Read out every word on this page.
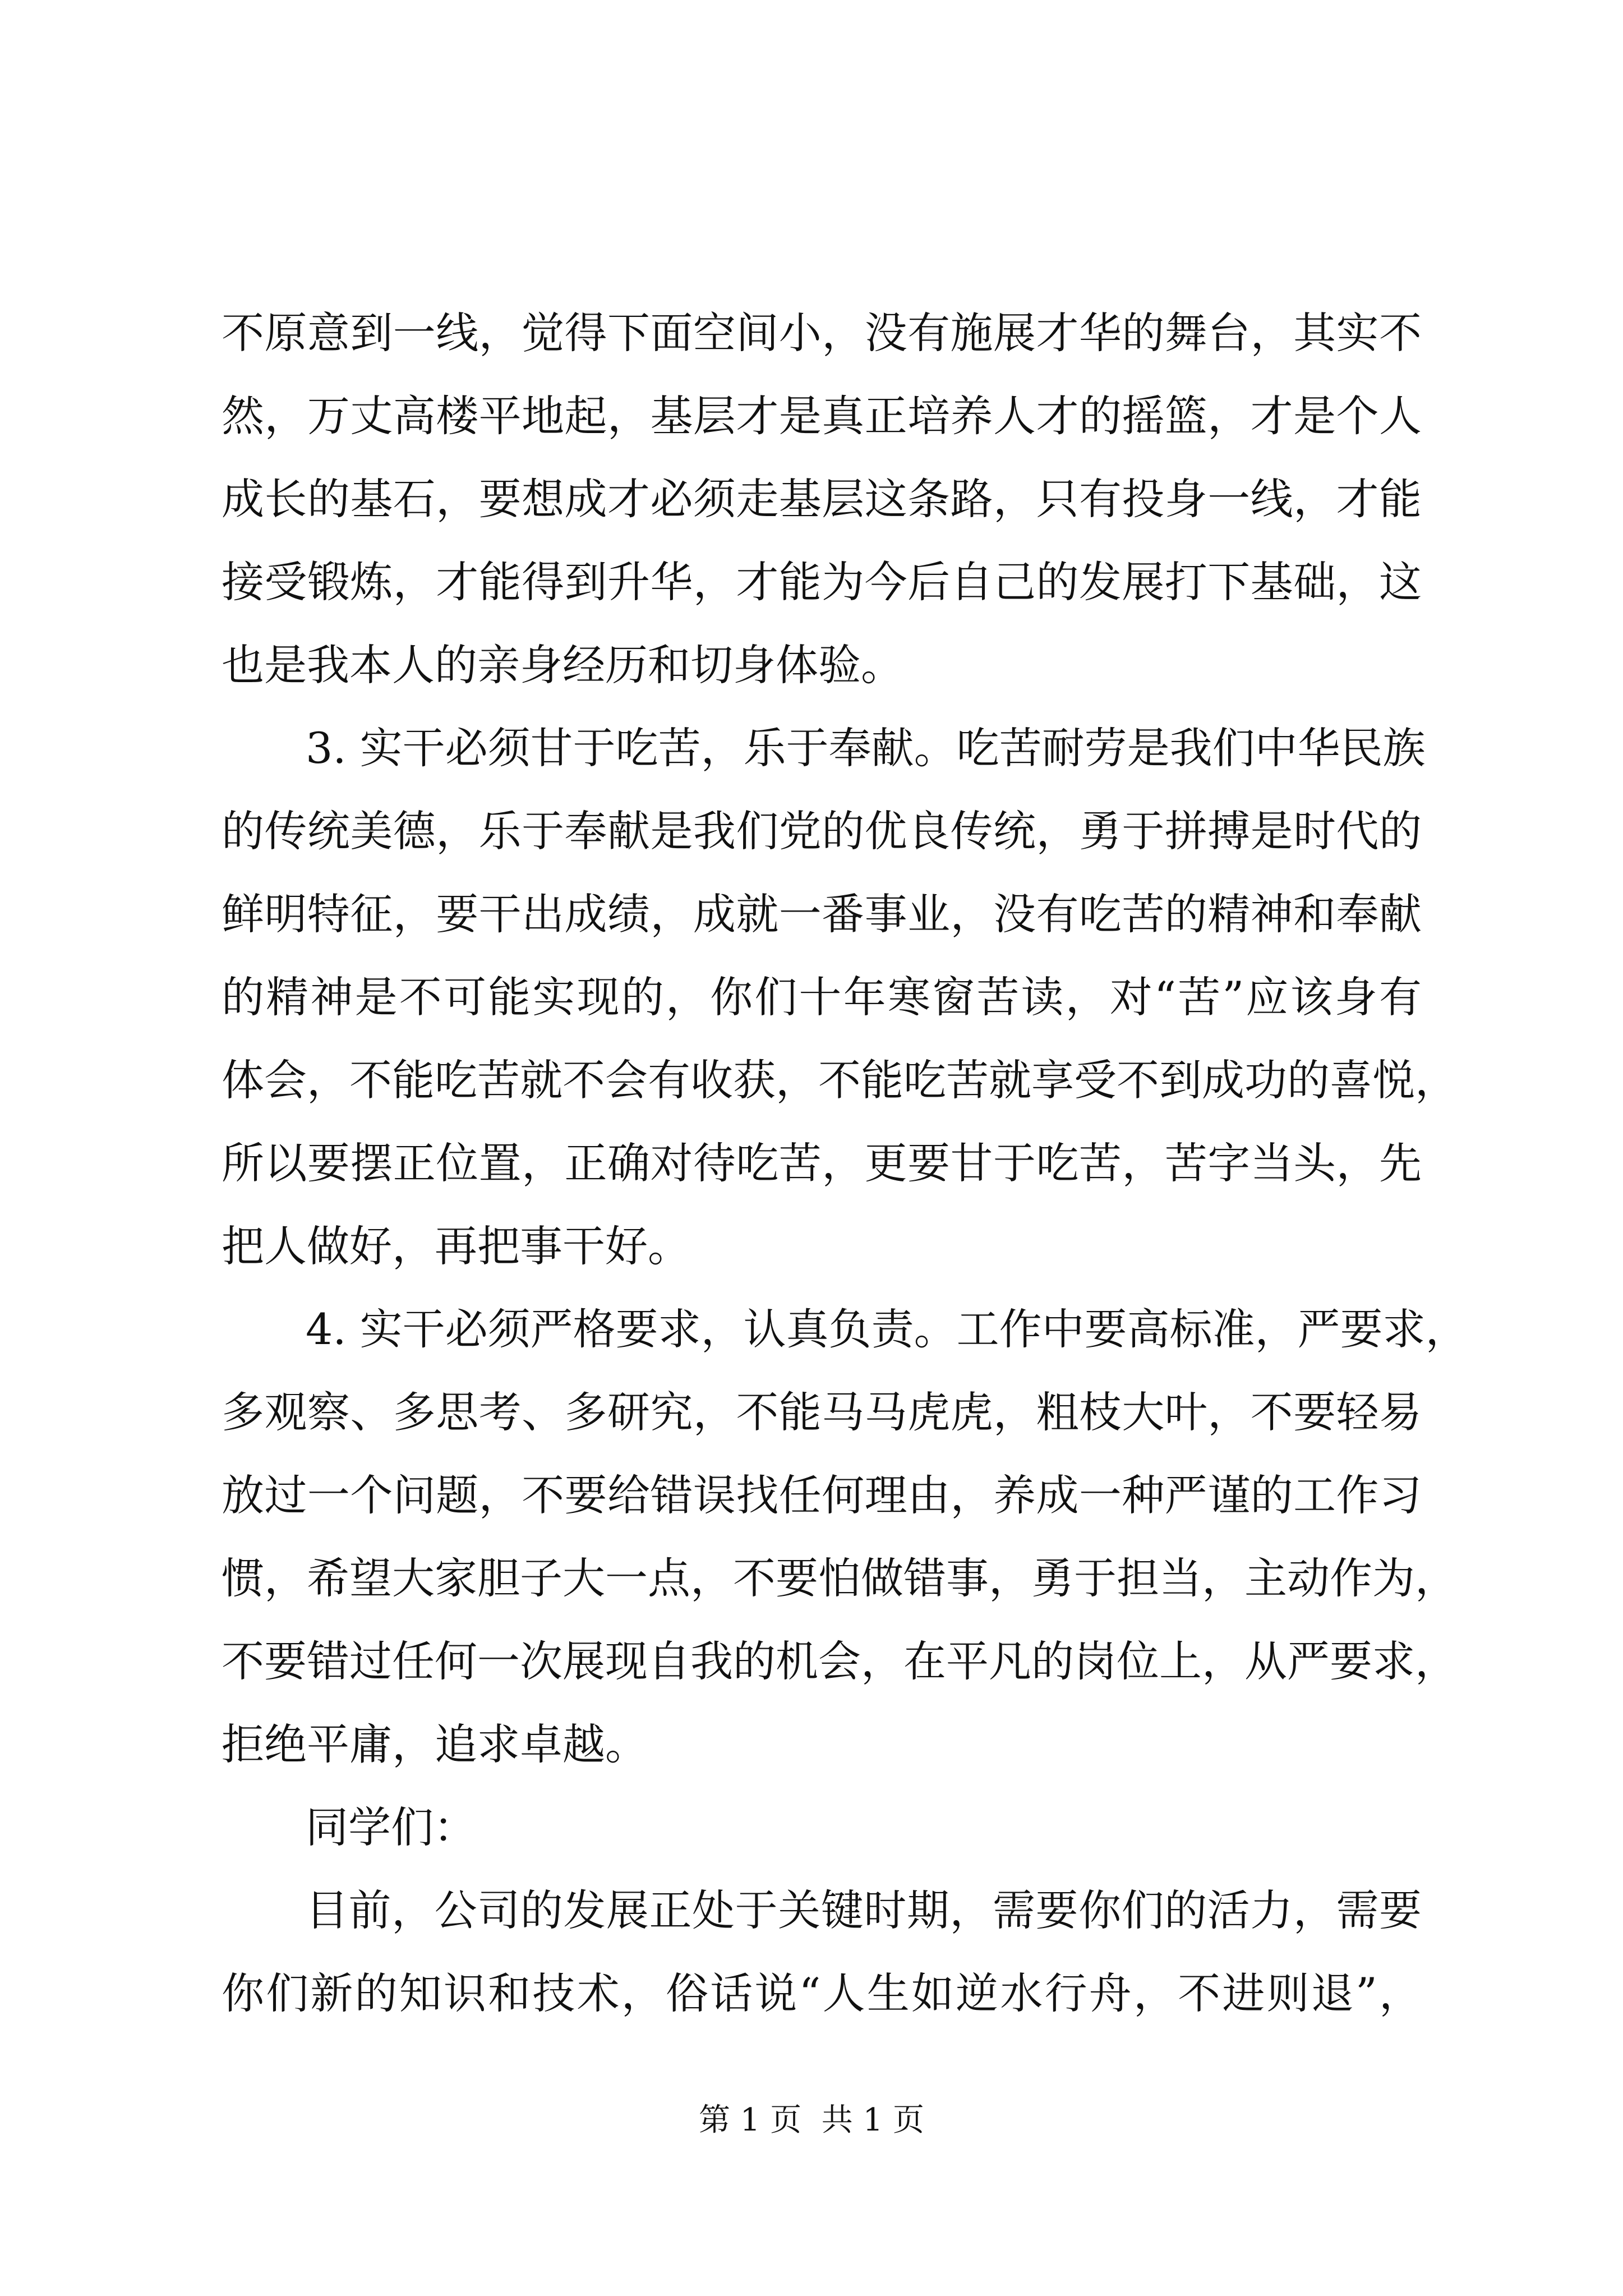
不原意到一线，觉得下面空间小，没有施展才华的舞台，其实不
然，万丈高楼平地起，基层才是真正培养人才的摇篮，才是个人
成长的基石，要想成才必须走基层这条路，只有投身一线，才能
接受锻炼，才能得到升华，才能为今后自己的发展打下基础，这
也是我本人的亲身经历和切身体验。
3. 实干必须甘于吃苦，乐于奉献。吃苦耐劳是我们中华民族
的传统美德，乐于奉献是我们党的优良传统，勇于拼搏是时代的
鲜明特征，要干出成绩，成就一番事业，没有吃苦的精神和奉献
的精神是不可能实现的，你们十年寒窗苦读，对“苦”应该身有
体会，不能吃苦就不会有收获，不能吃苦就享受不到成功的喜悦，
所以要摆正位置，正确对待吃苦，更要甘于吃苦，苦字当头，先
把人做好，再把事干好。
4. 实干必须严格要求，认真负责。工作中要高标准，严要求，
多观察、多思考、多研究，不能马马虎虎，粗枝大叶，不要轻易
放过一个问题，不要给错误找任何理由，养成一种严谨的工作习
惯，希望大家胆子大一点，不要怕做错事，勇于担当，主动作为，
不要错过任何一次展现自我的机会，在平凡的岗位上，从严要求，
拒绝平庸，追求卓越。
同学们：
目前，公司的发展正处于关键时期，需要你们的活力，需要
你们新的知识和技术，俗话说“人生如逆水行舟，不进则退”，
第 1 页  共 1 页
